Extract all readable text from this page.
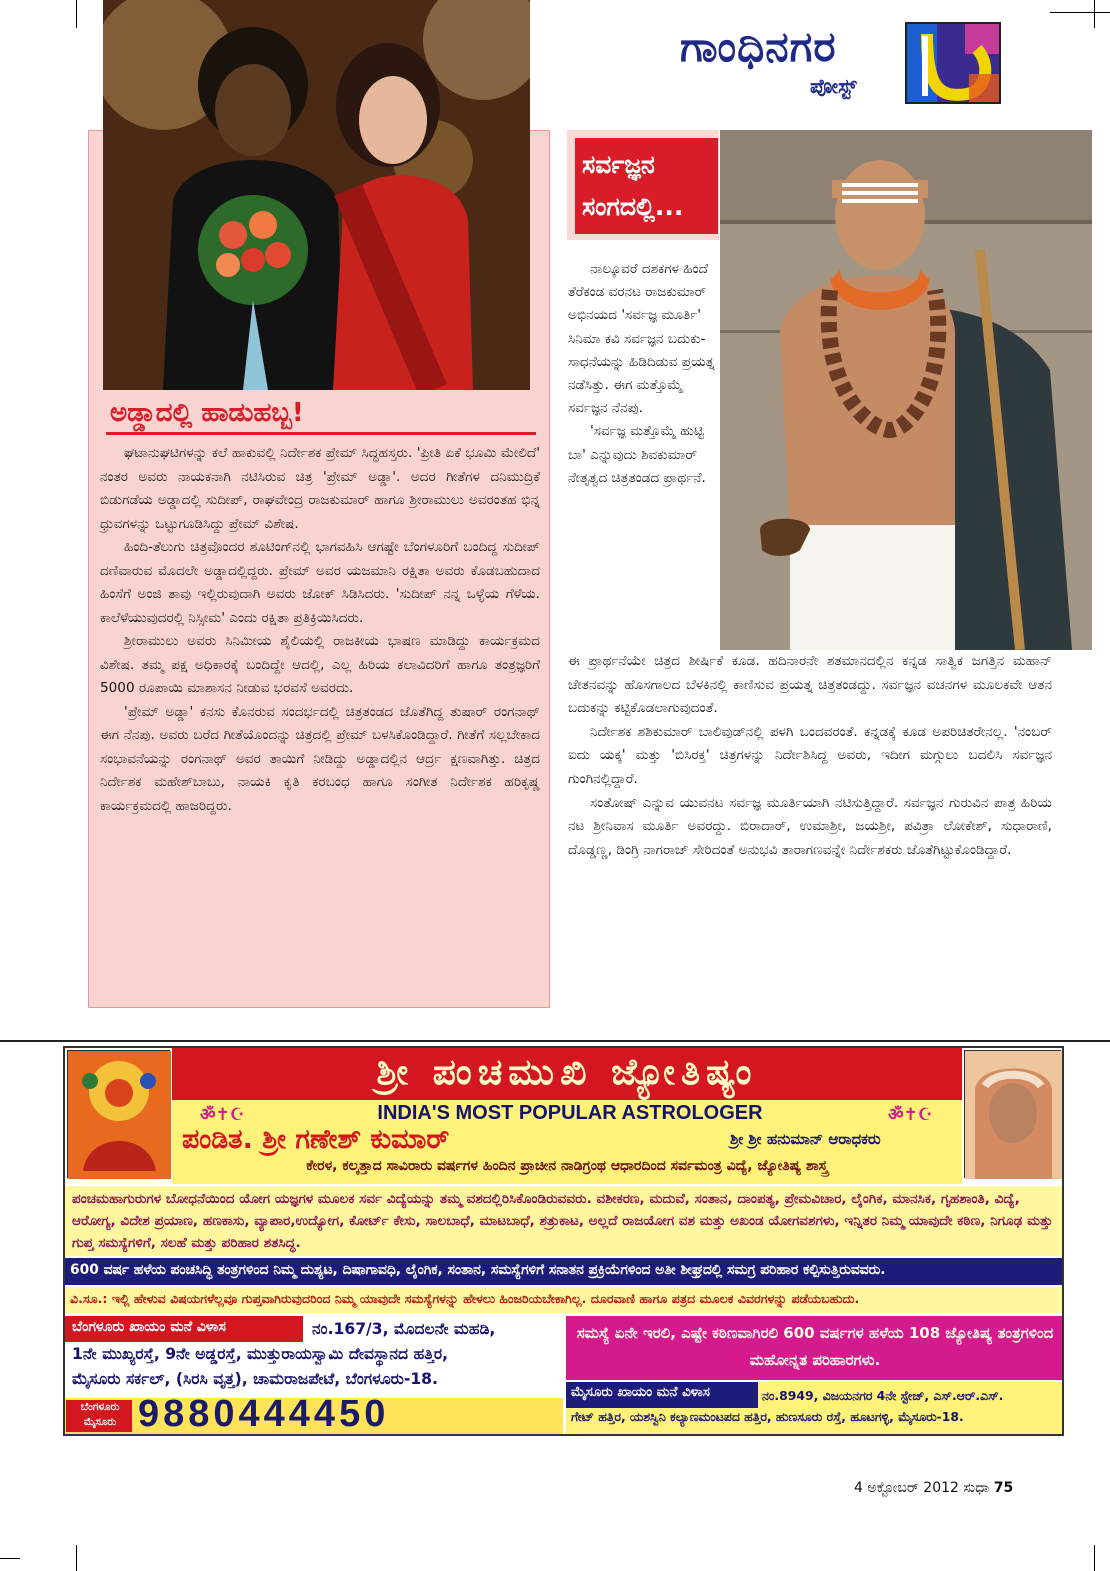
ಗಾಂಧಿನಗರ
ಪೋಸ್ಟ್
ಅಡ್ಡಾದಲ್ಲಿ ಹಾಡುಹಬ್ಬ!

ಘಟಾನುಘಟಿಗಳನ್ನು ಕಲೆ ಹಾಕುವಲ್ಲಿ ನಿರ್ದೇಶಕ ಪ್ರೇಮ್ ಸಿದ್ಧಹಸ್ತರು. 'ಪ್ರೀತಿ ಏಕೆ ಭೂಮಿ ಮೇಲಿದೆ' ನಂತರ ಅವರು ನಾಯಕನಾಗಿ ನಟಿಸಿರುವ ಚಿತ್ರ 'ಪ್ರೇಮ್ ಅಡ್ಡಾ'. ಅದರ ಗೀತೆಗಳ ದನಿಮುದ್ರಿಕೆ ಬಿಡುಗಡೆಯ ಅಡ್ಡಾದಲ್ಲಿ ಸುದೀಪ್, ರಾಘವೇಂದ್ರ ರಾಜಕುಮಾರ್ ಹಾಗೂ ಶ್ರೀರಾಮುಲು ಅವರಂತಹ ಭಿನ್ನ ಧ್ರುವಗಳನ್ನು ಒಟ್ಟುಗೂಡಿಸಿದ್ದು ಪ್ರೇಮ್ ವಿಶೇಷ.

ಹಿಂದಿ-ತೆಲುಗು ಚಿತ್ರವೊಂದರ ಶೂಟಿಂಗ್‌ನಲ್ಲಿ ಭಾಗವಹಿಸಿ ಆಗಷ್ಟೇ ಬೆಂಗಳೂರಿಗೆ ಬಂದಿದ್ದ ಸುದೀಪ್ ದಣಿವಾರುವ ಮೊದಲೇ ಅಡ್ಡಾದಲ್ಲಿದ್ದರು. ಪ್ರೇಮ್ ಅವರ ಯಜಮಾನಿ ರಕ್ಷಿತಾ ಅವರು ಕೊಡಬಹುದಾದ ಹಿಂಸೆಗೆ ಅಂಜಿ ತಾವು ಇಲ್ಲಿರುವುದಾಗಿ ಅವರು ಜೋಕ್ ಸಿಡಿಸಿದರು. 'ಸುದೀಪ್ ನನ್ನ ಒಳ್ಳೆಯ ಗೆಳೆಯ. ಕಾಲೆಳೆಯುವುದರಲ್ಲಿ ನಿಸ್ಸೀಮ' ಎಂದು ರಕ್ಷಿತಾ ಪ್ರತಿಕ್ರಿಯಿಸಿದರು.

ಶ್ರೀರಾಮುಲು ಅವರು ಸಿನಿಮೀಯ ಶೈಲಿಯಲ್ಲಿ ರಾಜಕೀಯ ಭಾಷಣ ಮಾಡಿದ್ದು ಕಾರ್ಯಕ್ರಮದ ವಿಶೇಷ. ತಮ್ಮ ಪಕ್ಷ ಅಧಿಕಾರಕ್ಕೆ ಬಂದಿದ್ದೇ ಆದಲ್ಲಿ, ಎಲ್ಲ ಹಿರಿಯ ಕಲಾವಿದರಿಗೆ ಹಾಗೂ ತಂತ್ರಜ್ಞರಿಗೆ 5000 ರೂಪಾಯಿ ಮಾಶಾಸನ ನೀಡುವ ಭರವಸೆ ಅವರದು.

'ಪ್ರೇಮ್ ಅಡ್ಡಾ' ಕನಸು ಕೊನರುವ ಸಂದರ್ಭದಲ್ಲಿ ಚಿತ್ರತಂಡದ ಜೊತೆಗಿದ್ದ ತುಷಾರ್ ರಂಗನಾಥ್ ಈಗ ನೆನಪು. ಅವರು ಬರೆದ ಗೀತೆಯೊಂದನ್ನು ಚಿತ್ರದಲ್ಲಿ ಪ್ರೇಮ್ ಬಳಸಿಕೊಂಡಿದ್ದಾರೆ. ಗೀತೆಗೆ ಸಲ್ಲಬೇಕಾದ ಸಂಭಾವನೆಯನ್ನು ರಂಗನಾಥ್ ಅವರ ತಾಯಿಗೆ ನೀಡಿದ್ದು ಅಡ್ಡಾದಲ್ಲಿನ ಆರ್ದ್ರ ಕ್ಷಣವಾಗಿತ್ತು. ಚಿತ್ರದ ನಿರ್ದೇಶಕ ಮಹೇಶ್‌ಬಾಬು, ನಾಯಕಿ ಕೃತಿ ಕರಬಂಧ ಹಾಗೂ ಸಂಗೀತ ನಿರ್ದೇಶಕ ಹರಿಕೃಷ್ಣ ಕಾರ್ಯಕ್ರಮದಲ್ಲಿ ಹಾಜರಿದ್ದರು.

ಸರ್ವಜ್ಞನ
ಸಂಗದಲ್ಲಿ...

ನಾಲ್ಕೂವರೆ ದಶಕಗಳ ಹಿಂದೆ ತೆರೆಕಂಡ ವರನಟ ರಾಜಕುಮಾರ್ ಅಭಿನಯದ 'ಸರ್ವಜ್ಞ ಮೂರ್ತಿ' ಸಿನಿಮಾ ಕವಿ ಸರ್ವಜ್ಞನ ಬದುಕು-ಸಾಧನೆಯನ್ನು ಹಿಡಿದಿಡುವ ಪ್ರಯತ್ನ ನಡೆಸಿತ್ತು. ಈಗ ಮತ್ತೊಮ್ಮೆ ಸರ್ವಜ್ಞನ ನೆನಪು.

'ಸರ್ವಜ್ಞ ಮತ್ತೊಮ್ಮೆ ಹುಟ್ಟಿ ಬಾ' ಎನ್ನುವುದು ಶಿವಕುಮಾರ್ ನೇತೃತ್ವದ ಚಿತ್ರತಂಡದ ಪ್ರಾರ್ಥನೆ.

ಈ ಪ್ರಾರ್ಥನೆಯೇ ಚಿತ್ರದ ಶೀರ್ಷಿಕೆ ಕೂಡ. ಹದಿನಾರನೇ ಶತಮಾನದಲ್ಲಿನ ಕನ್ನಡ ಸಾತ್ವಿಕ ಜಗತ್ತಿನ ಮಹಾನ್ ಚೇತನವನ್ನು ಹೊಸಗಾಲದ ಬೆಳಕಿನಲ್ಲಿ ಕಾಣಿಸುವ ಪ್ರಯತ್ನ ಚಿತ್ರತಂಡದ್ದು. ಸರ್ವಜ್ಞನ ವಚನಗಳ ಮೂಲಕವೇ ಆತನ ಬದುಕನ್ನು ಕಟ್ಟಿಕೊಡಲಾಗುವುದಂತೆ.

ನಿರ್ದೇಶಕ ಶಶಿಕುಮಾರ್ ಬಾಲಿವುಡ್‌ನಲ್ಲಿ ಪಳಗಿ ಬಂದವರಂತೆ. ಕನ್ನಡಕ್ಕೆ ಕೂಡ ಅಪರಿಚಿತರೇನಲ್ಲ. 'ನಂಬರ್ ಐದು ಯಕ್ಕ' ಮತ್ತು 'ಬಿಸಿರಕ್ತ' ಚಿತ್ರಗಳನ್ನು ನಿರ್ದೇಶಿಸಿದ್ದ ಅವರು, ಇದೀಗ ಮಗ್ಗುಲು ಬದಲಿಸಿ ಸರ್ವಜ್ಞನ ಗುಂಗಿನಲ್ಲಿದ್ದಾರೆ.

ಸಂತೋಷ್ ಎನ್ನುವ ಯುವನಟ ಸರ್ವಜ್ಞ ಮೂರ್ತಿಯಾಗಿ ನಟಿಸುತ್ತಿದ್ದಾರೆ. ಸರ್ವಜ್ಞನ ಗುರುವಿನ ಪಾತ್ರ ಹಿರಿಯ ನಟ ಶ್ರೀನಿವಾಸ ಮೂರ್ತಿ ಅವರದ್ದು. ಬಿರಾದಾರ್, ಉಮಾಶ್ರೀ, ಜಯಶ್ರೀ, ಪವಿತ್ರಾ ಲೋಕೇಶ್, ಸುಧಾರಾಣಿ, ದೊಡ್ಡಣ್ಣ, ಡಿಂಗ್ರಿ ನಾಗರಾಜ್ ಸೇರಿದಂತೆ ಅನುಭವಿ ತಾರಾಗಣವನ್ನೇ ನಿರ್ದೇಶಕರು ಜೊತೆಗಿಟ್ಟುಕೊಂಡಿದ್ದಾರೆ.

ಶ್ರೀ ಪಂಚಮುಖಿ ಜ್ಯೋತಿಷ್ಯಂ
ॐ✝☪	INDIA'S MOST POPULAR ASTROLOGER	ॐ✝☪
ಪಂಡಿತ. ಶ್ರೀ ಗಣೇಶ್ ಕುಮಾರ್	ಶ್ರೀ ಶ್ರೀ ಹನುಮಾನ್ ಆರಾಧಕರು
ಕೇರಳ, ಕಲ್ಕತ್ತಾದ ಸಾವಿರಾರು ವರ್ಷಗಳ ಹಿಂದಿನ ಪ್ರಾಚೀನ ನಾಡಿಗ್ರಂಥ ಆಧಾರದಿಂದ ಸರ್ವಮಂತ್ರ ವಿದ್ಯೆ, ಜ್ಯೋತಿಷ್ಯ ಶಾಸ್ತ್ರ
ಪಂಚಮಹಾಗುರುಗಳ ಬೋಧನೆಯಿಂದ ಯೋಗ ಯಜ್ಞಗಳ ಮೂಲಕ ಸರ್ವ ವಿದ್ಯೆಯನ್ನು ತಮ್ಮ ವಶದಲ್ಲಿರಿಸಿಕೊಂಡಿರುವವರು. ವಶೀಕರಣ, ಮದುವೆ, ಸಂತಾನ, ದಾಂಪತ್ಯ, ಪ್ರೇಮವಿಚಾರ, ಲೈಂಗಿಕ, ಮಾನಸಿಕ, ಗೃಹಶಾಂತಿ, ವಿದ್ಯೆ, ಆರೋಗ್ಯ, ವಿದೇಶ ಪ್ರಯಾಣ, ಹಣಕಾಸು, ವ್ಯಾಪಾರ,ಉದ್ಯೋಗ, ಕೋರ್ಟ್ ಕೇಸು, ಸಾಲಬಾಧೆ, ಮಾಟಬಾಧೆ, ಶತ್ರುಕಾಟ, ಅಲ್ಲದೆ ರಾಜಯೋಗ ವಶ ಮತ್ತು ಅಖಂಡ ಯೋಗವಶಗಳು, ಇನ್ನಿತರ ನಿಮ್ಮ ಯಾವುದೇ ಕಠಿಣ, ನಿಗೂಢ ಮತ್ತು ಗುಪ್ತ ಸಮಸ್ಯೆಗಳಿಗೆ, ಸಲಹೆ ಮತ್ತು ಪರಿಹಾರ ಶತಸಿದ್ಧ.
600 ವರ್ಷ ಹಳೆಯ ಪಂಚಸಿದ್ಧಿ ತಂತ್ರಗಳಿಂದ ನಿಮ್ಮ ದುಶ್ಯಟ, ದಿಷಾಗಾವಧಿ, ಲೈಂಗಿಕ, ಸಂತಾನ, ಸಮಸ್ಯೆಗಳಿಗೆ ಸನಾತನ ಪ್ರಕ್ರಿಯೆಗಳಿಂದ ಅತೀ ಶೀಘ್ರದಲ್ಲಿ ಸಮಗ್ರ ಪರಿಹಾರ ಕಲ್ಪಿಸುತ್ತಿರುವವರು.
ವಿ.ಸೂ.: ಇಲ್ಲಿ ಹೇಳುವ ವಿಷಯಗಳೆಲ್ಲವೂ ಗುಪ್ತವಾಗಿರುವುದರಿಂದ ನಿಮ್ಮ ಯಾವುದೇ ಸಮಸ್ಯೆಗಳನ್ನು ಹೇಳಲು ಹಿಂಜರಿಯಬೇಕಾಗಿಲ್ಲ. ದೂರವಾಣಿ ಹಾಗೂ ಪತ್ರದ ಮೂಲಕ ವಿವರಗಳನ್ನು ಪಡೆಯಬಹುದು.
ಬೆಂಗಳೂರು ಖಾಯಂ ಮನೆ ವಿಳಾಸ	ನಂ.167/3, ಮೊದಲನೇ ಮಹಡಿ,
1ನೇ ಮುಖ್ಯರಸ್ತೆ, 9ನೇ ಅಡ್ಡರಸ್ತೆ, ಮುತ್ತುರಾಯಸ್ವಾಮಿ ದೇವಸ್ಥಾನದ ಹತ್ತಿರ,
ಮೈಸೂರು ಸರ್ಕಲ್, (ಸಿರಸಿ ವೃತ್ತ), ಚಾಮರಾಜಪೇಟೆ, ಬೆಂಗಳೂರು-18.
ಸಮಸ್ಯೆ ಏನೇ ಇರಲಿ, ಎಷ್ಟೇ ಕಠಿಣವಾಗಿರಲಿ 600 ವರ್ಷಗಳ ಹಳೆಯ 108 ಜ್ಯೋತಿಷ್ಯ ತಂತ್ರಗಳಿಂದ ಮಹೋನ್ನತ ಪರಿಹಾರಗಳು.
ಬೆಂಗಳೂರು
ಮೈಸೂರು 9880444450
ಮೈಸೂರು ಖಾಯಂ ಮನೆ ವಿಳಾಸ	ನಂ.8949, ವಿಜಯನಗರ 4ನೇ ಸ್ಟೇಜ್, ಎಸ್.ಆರ್.ಎಸ್.
ಗೇಟ್ ಹತ್ತಿರ, ಯಶಸ್ವಿನಿ ಕಲ್ಯಾಣಮಂಟಪದ ಹತ್ತಿರ, ಹುಣಸೂರು ರಸ್ತೆ, ಹೂಟಗಳ್ಳಿ, ಮೈಸೂರು-18.
4 ಅಕ್ಟೋಬರ್ 2012 ಸುಧಾ 75
